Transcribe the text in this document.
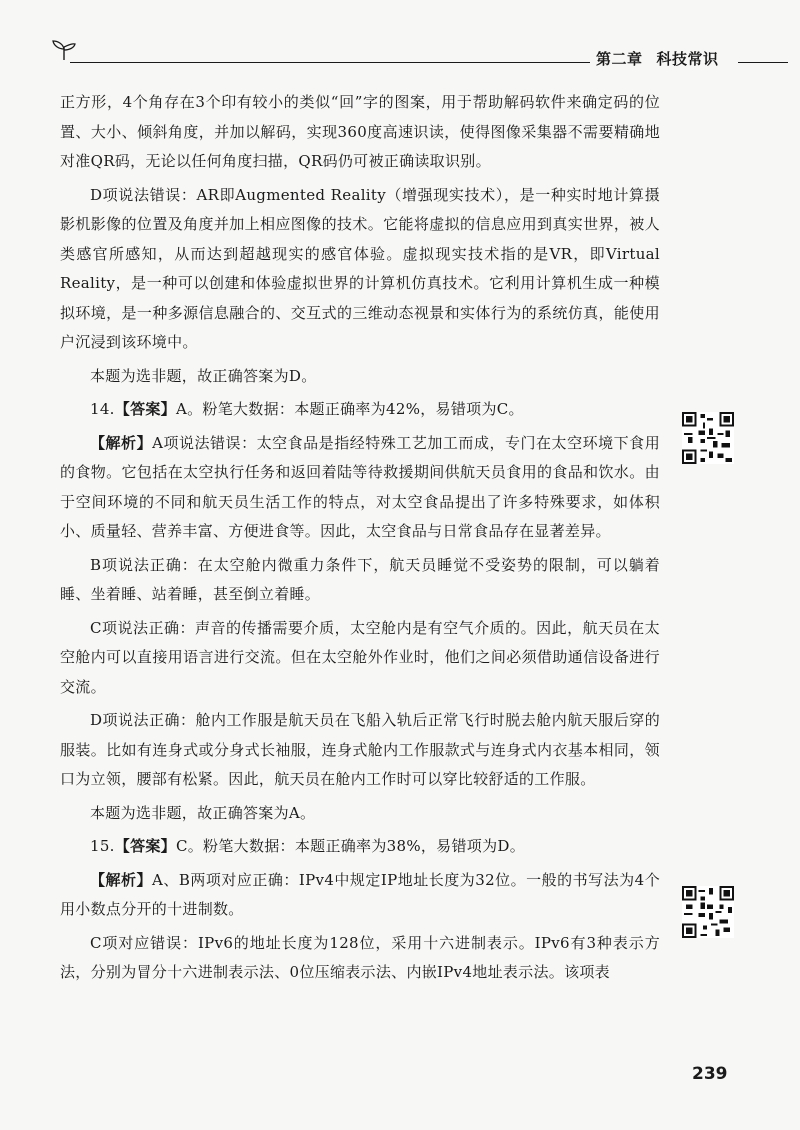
第二章 科技常识

正方形，4个角存在3个印有较小的类似“回”字的图案，用于帮助解码软件来确定码的位置、大小、倾斜角度，并加以解码，实现360度高速识读，使得图像采集器不需要精确地对准QR码，无论以任何角度扫描，QR码仍可被正确读取识别。

D项说法错误：AR即Augmented Reality（增强现实技术），是一种实时地计算摄影机影像的位置及角度并加上相应图像的技术。它能将虚拟的信息应用到真实世界，被人类感官所感知，从而达到超越现实的感官体验。虚拟现实技术指的是VR，即Virtual Reality，是一种可以创建和体验虚拟世界的计算机仿真技术。它利用计算机生成一种模拟环境，是一种多源信息融合的、交互式的三维动态视景和实体行为的系统仿真，能使用户沉浸到该环境中。

本题为选非题，故正确答案为D。

14.【答案】A。粉笔大数据：本题正确率为42%，易错项为C。

【解析】A项说法错误：太空食品是指经特殊工艺加工而成，专门在太空环境下食用的食物。它包括在太空执行任务和返回着陆等待救援期间供航天员食用的食品和饮水。由于空间环境的不同和航天员生活工作的特点，对太空食品提出了许多特殊要求，如体积小、质量轻、营养丰富、方便进食等。因此，太空食品与日常食品存在显著差异。

B项说法正确：在太空舱内微重力条件下，航天员睡觉不受姿势的限制，可以躺着睡、坐着睡、站着睡，甚至倒立着睡。

C项说法正确：声音的传播需要介质，太空舱内是有空气介质的。因此，航天员在太空舱内可以直接用语言进行交流。但在太空舱外作业时，他们之间必须借助通信设备进行交流。

D项说法正确：舱内工作服是航天员在飞船入轨后正常飞行时脱去舱内航天服后穿的服装。比如有连身式或分身式长袖服，连身式舱内工作服款式与连身式内衣基本相同，领口为立领，腰部有松紧。因此，航天员在舱内工作时可以穿比较舒适的工作服。

本题为选非题，故正确答案为A。

15.【答案】C。粉笔大数据：本题正确率为38%，易错项为D。

【解析】A、B两项对应正确：IPv4中规定IP地址长度为32位。一般的书写法为4个用小数点分开的十进制数。

C项对应错误：IPv6的地址长度为128位，采用十六进制表示。IPv6有3种表示方法，分别为冒分十六进制表示法、0位压缩表示法、内嵌IPv4地址表示法。该项表

239
